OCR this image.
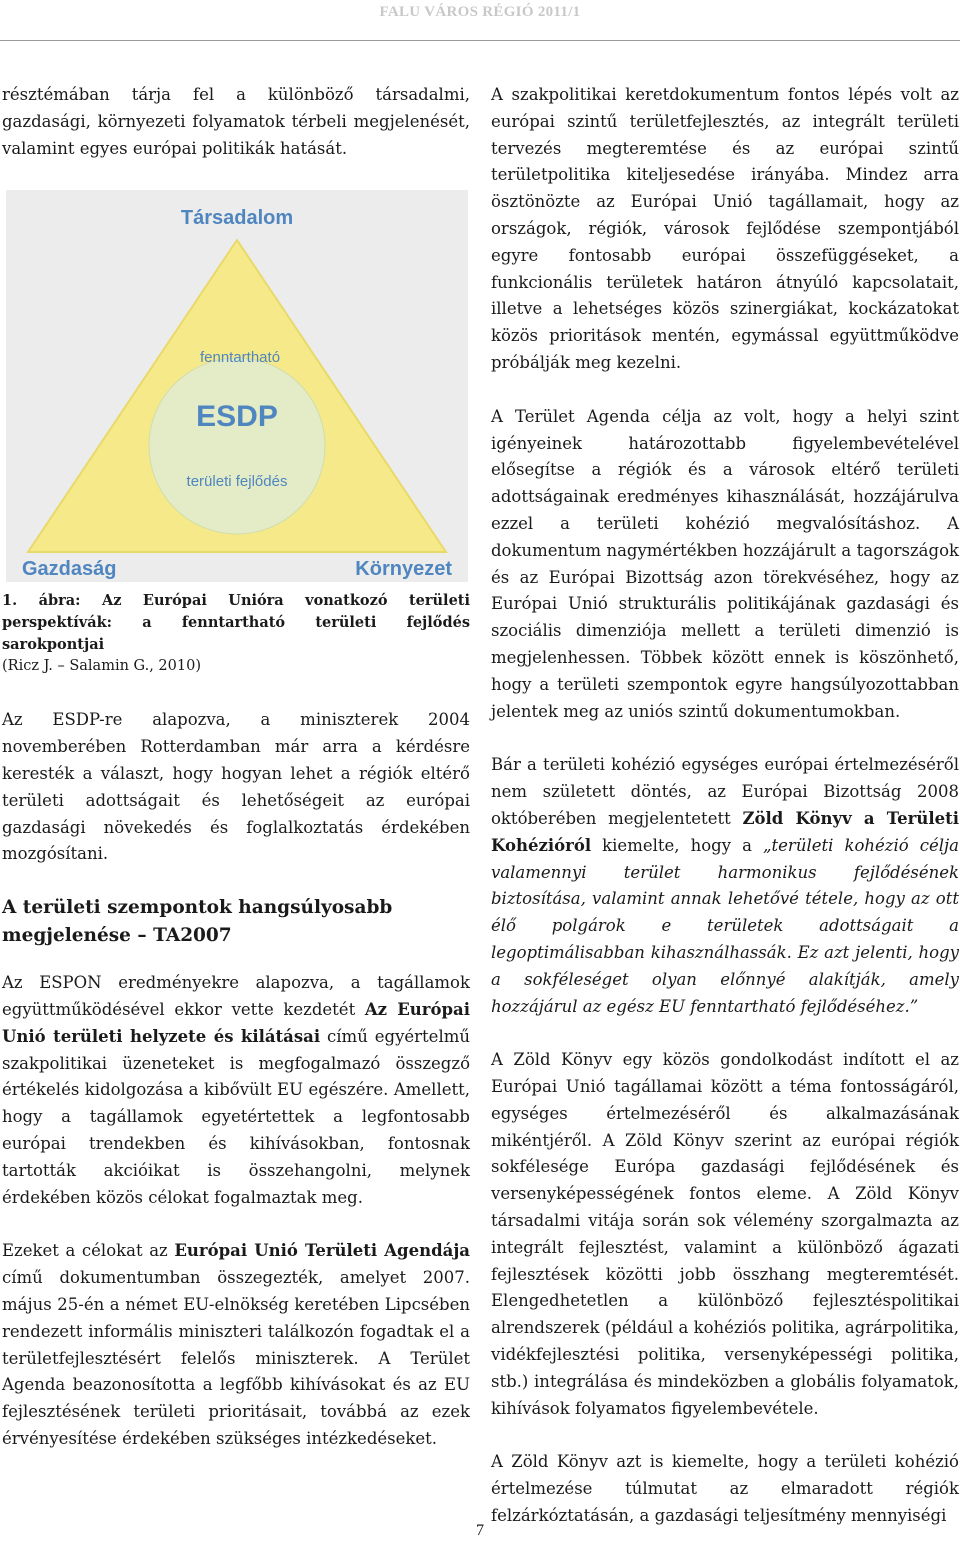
FALU VÁROS RÉGIÓ 2011/1

résztémában tárja fel a különböző társadalmi, gazdasági, környezeti folyamatok térbeli megjelenését, valamint egyes európai politikák hatását.

Társadalom
Gazdaság	Környezet
fenntartható
ESDP
területi fejlődés

1. ábra: Az Európai Unióra vonatkozó területi perspektívák: a fenntartható területi fejlődés sarokpontjai
(Ricz J. – Salamin G., 2010)

Az ESDP-re alapozva, a miniszterek 2004 novemberében Rotterdamban már arra a kérdésre keresték a választ, hogy hogyan lehet a régiók eltérő területi adottságait és lehetőségeit az európai gazdasági növekedés és foglalkoztatás érdekében mozgósítani.

A területi szempontok hangsúlyosabb megjelenése – TA2007

Az ESPON eredményekre alapozva, a tagállamok együttműködésével ekkor vette kezdetét Az Európai Unió területi helyzete és kilátásai című egyértelmű szakpolitikai üzeneteket is megfogalmazó összegző értékelés kidolgozása a kibővült EU egészére. Amellett, hogy a tagállamok egyetértettek a legfontosabb európai trendekben és kihívásokban, fontosnak tartották akcióikat is összehangolni, melynek érdekében közös célokat fogalmaztak meg.

Ezeket a célokat az Európai Unió Területi Agendája című dokumentumban összegezték, amelyet 2007. május 25-én a német EU-elnökség keretében Lipcsében rendezett informális miniszteri találkozón fogadtak el a területfejlesztésért felelős miniszterek. A Terület Agenda beazonosította a legfőbb kihívásokat és az EU fejlesztésének területi prioritásait, továbbá az ezek érvényesítése érdekében szükséges intézkedéseket.

A szakpolitikai keretdokumentum fontos lépés volt az európai szintű területfejlesztés, az integrált területi tervezés megteremtése és az európai szintű területpolitika kiteljesedése irányába. Mindez arra ösztönözte az Európai Unió tagállamait, hogy az országok, régiók, városok fejlődése szempontjából egyre fontosabb európai összefüggéseket, a funkcionális területek határon átnyúló kapcsolatait, illetve a lehetséges közös szinergiákat, kockázatokat közös prioritások mentén, egymással együttműködve próbálják meg kezelni.

A Terület Agenda célja az volt, hogy a helyi szint igényeinek határozottabb figyelembevételével elősegítse a régiók és a városok eltérő területi adottságainak eredményes kihasználását, hozzájárulva ezzel a területi kohézió megvalósításhoz. A dokumentum nagymértékben hozzájárult a tagországok és az Európai Bizottság azon törekvéséhez, hogy az Európai Unió strukturális politikájának gazdasági és szociális dimenziója mellett a területi dimenzió is megjelenhessen. Többek között ennek is köszönhető, hogy a területi szempontok egyre hangsúlyozottabban jelentek meg az uniós szintű dokumentumokban.

Bár a területi kohézió egységes európai értelmezéséről nem született döntés, az Európai Bizottság 2008 októberében megjelentetett Zöld Könyv a Területi Kohézióról kiemelte, hogy a „területi kohézió célja valamennyi terület harmonikus fejlődésének biztosítása, valamint annak lehetővé tétele, hogy az ott élő polgárok e területek adottságait a legoptimálisabban kihasználhassák. Ez azt jelenti, hogy a sokféleséget olyan előnnyé alakítják, amely hozzájárul az egész EU fenntartható fejlődéséhez.”

A Zöld Könyv egy közös gondolkodást indított el az Európai Unió tagállamai között a téma fontosságáról, egységes értelmezéséről és alkalmazásának mikéntjéről. A Zöld Könyv szerint az európai régiók sokfélesége Európa gazdasági fejlődésének és versenyképességének fontos eleme. A Zöld Könyv társadalmi vitája során sok vélemény szorgalmazta az integrált fejlesztést, valamint a különböző ágazati fejlesztések közötti jobb összhang megteremtését. Elengedhetetlen a különböző fejlesztéspolitikai alrendszerek (például a kohéziós politika, agrárpolitika, vidékfejlesztési politika, versenyképességi politika, stb.) integrálása és mindeközben a globális folyamatok, kihívások folyamatos figyelembevétele.

A Zöld Könyv azt is kiemelte, hogy a területi kohézió értelmezése túlmutat az elmaradott régiók felzárkóztatásán, a gazdasági teljesítmény mennyiségi

7
